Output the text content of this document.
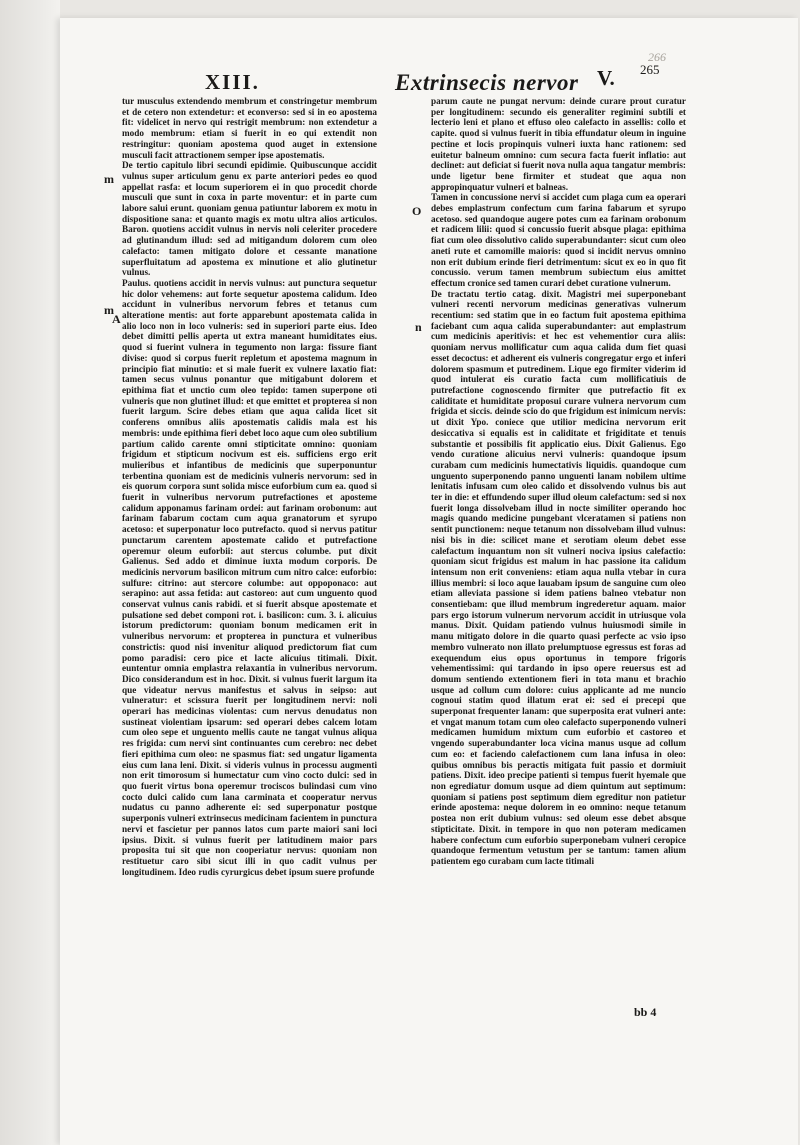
XIII.	Extrinsecis nervor V.
266
265

tur musculus extendendo membrum et constringetur membrum et de cetero non extendetur: et econverso: sed si in eo apostema fit: videlicet in nervo qui restrigit membrum: non extendetur a modo membrum: etiam si fuerit in eo qui extendit non restringitur: quoniam apostema quod auget in extensione musculi facit attractionem semper ipse apostematis.

De tertio capitulo libri secundi epidimie. Quibuscunque accidit vulnus super articulum genu ex parte anteriori pedes eo quod appellat rasfa: et locum superiorem ei in quo procedit chorde musculi que sunt in coxa in parte moventur: et in parte cum labore salui erunt. quoniam genua patiuntur laborem ex motu in dispositione sana: et quanto magis ex motu ultra alios articulos. Baron. quotiens accidit vulnus in nervis noli celeriter procedere ad glutinandum illud: sed ad mitigandum dolorem cum oleo calefacto: tamen mitigato dolore et cessante manatione superfluitatum ad apostema ex minutione et alio glutinetur vulnus.

Paulus. quotiens accidit in nervis vulnus: aut punctura sequetur hic dolor vehemens: aut forte sequetur apostema calidum. Ideo accidunt in vulneribus nervorum febres et tetanus cum alteratione mentis: aut forte apparebunt apostemata calida in alio loco non in loco vulneris: sed in superiori parte eius. Ideo debet dimitti pellis aperta ut extra maneant humiditates eius. quod si fuerint vulnera in tegumento non larga: fissure fiant divise: quod si corpus fuerit repletum et apostema magnum in principio fiat minutio: et si male fuerit ex vulnere laxatio fiat: tamen secus vulnus ponantur que mitigabunt dolorem et epithima fiat et unctio cum oleo tepido: tamen superpone oti vulneris que non glutinet illud: et que emittet et propterea si non fuerit largum. Scire debes etiam que aqua calida licet sit conferens omnibus aliis apostematis calidis mala est his membris: unde epithima fieri debet loco aque cum oleo subtilium partium calido carente omni stipticitate omnino: quoniam frigidum et stipticum nocivum est eis. sufficiens ergo erit mulieribus et infantibus de medicinis que superponuntur terbentina quoniam est de medicinis vulneris nervorum: sed in eis quorum corpora sunt solida misce euforbium cum ea. quod si fuerit in vulneribus nervorum putrefactiones et aposteme calidum apponamus farinam ordei: aut farinam orobonum: aut farinam fabarum coctam cum aqua granatorum et syrupo acetoso: et superponatur loco putrefacto. quod si nervus patitur punctarum carentem apostemate calido et putrefactione operemur oleum euforbii: aut stercus columbe. put dixit Galienus. Sed addo et diminue iuxta modum corporis. De medicinis nervorum basilicon mitrum cum nitro calce: euforbio: sulfure: citrino: aut stercore columbe: aut oppoponaco: aut serapino: aut assa fetida: aut castoreo: aut cum unguento quod conservat vulnus canis rabidi. et si fuerit absque apostemate et pulsatione sed debet componi rot. i. basilicon: cum. 3. i. alicuius istorum predictorum: quoniam bonum medicamen erit in vulneribus nervorum: et propterea in punctura et vulneribus constrictis: quod nisi invenitur aliquod predictorum fiat cum pomo paradisi: cero pice et lacte alicuius titimali. Dixit. euntentur omnia emplastra relaxantia in vulneribus nervorum. Dico considerandum est in hoc. Dixit. si vulnus fuerit largum ita que videatur nervus manifestus et salvus in seipso: aut vulneratur: et scissura fuerit per longitudinem nervi: noli operari has medicinas violentas: cum nervus denudatus non sustineat violentiam ipsarum: sed operari debes calcem lotam cum oleo sepe et unguento mellis caute ne tangat vulnus aliqua res frigida: cum nervi sint continuantes cum cerebro: nec debet fieri epithima cum oleo: ne spasmus fiat: sed ungatur ligamenta eius cum lana leni. Dixit. si videris vulnus in processu augmenti non erit timorosum si humectatur cum vino cocto dulci: sed in quo fuerit virtus bona operemur trociscos bulindasi cum vino cocto dulci calido cum lana carminata et cooperatur nervus nudatus cu panno adherente ei: sed superponatur postque superponis vulneri extrinsecus medicinam facientem in punctura nervi et fascietur per pannos latos cum parte maiori sani loci ipsius. Dixit. si vulnus fuerit per latitudinem maior pars proposita tui sit que non cooperiatur nervus: quoniam non restituetur caro sibi sicut illi in quo cadit vulnus per longitudinem. Ideo rudis cyrurgicus debet ipsum suere profunde

parum caute ne pungat nervum: deinde curare prout curatur per longitudinem: secundo eis generaliter regimini subtili et lecterio leni et plano et effuso oleo calefacto in assellis: collo et capite. quod si vulnus fuerit in tibia effundatur oleum in inguine pectine et locis propinquis vulneri iuxta hanc rationem: sed euitetur balneum omnino: cum secura facta fuerit inflatio: aut declinet: aut deficiat si fuerit nova nulla aqua tangatur membris: unde ligetur bene firmiter et studeat que aqua non appropinquatur vulneri et balneas.

Tamen in concussione nervi si accidet cum plaga cum ea operari debes emplastrum confectum cum farina fabarum et syrupo acetoso. sed quandoque augere potes cum ea farinam orobonum et radicem lilii: quod si concussio fuerit absque plaga: epithima fiat cum oleo dissolutivo calido superabundanter: sicut cum oleo aneti rute et camomille maioris: quod si incidit nervus omnino non erit dubium erinde fieri detrimentum: sicut ex eo in quo fit concussio. verum tamen membrum subiectum eius amittet effectum cronice sed tamen curari debet curatione vulnerum.

De tractatu tertio catag. dixit. Magistri mei superponebant vulneri recenti nervorum medicinas generativas vulnerum recentium: sed statim que in eo factum fuit apostema epithima faciebant cum aqua calida superabundanter: aut emplastrum cum medicinis aperitivis: et hec est vehementior cura aliis: quoniam nervus mollificatur cum aqua calida dum fiet quasi esset decoctus: et adherent eis vulneris congregatur ergo et inferi dolorem spasmum et putredinem. Lique ego firmiter viderim id quod intulerat eis curatio facta cum mollificatiuis de putrefactione cognoscendo firmiter que putrefactio fit ex caliditate et humiditate proposui curare vulnera nervorum cum frigida et siccis. deinde scio do que frigidum est inimicum nervis: ut dixit Ypo. coniece que utilior medicina nervorum erit desiccativa si equalis est in caliditate et frigiditate et tenuis substantie et possibilis fit applicatio eius. Dixit Galienus. Ego vendo curatione alicuius nervi vulneris: quandoque ipsum curabam cum medicinis humectativis liquidis. quandoque cum unguento superponendo panno unguenti lanam nobilem ultime lenitatis infusam cum oleo calido et dissolvendo vulnus bis aut ter in die: et effundendo super illud oleum calefactum: sed si nox fuerit longa dissolvebam illud in nocte similiter operando hoc magis quando medicine pungebant vlceratamen si patiens non sentit punctionem: neque tetanum non dissolvebam illud vulnus: nisi bis in die: scilicet mane et serotiam oleum debet esse calefactum inquantum non sit vulneri nociva ipsius calefactio: quoniam sicut frigidus est malum in hac passione ita calidum intensum non erit conveniens: etiam aqua nulla vtebar in cura illius membri: si loco aque lauabam ipsum de sanguine cum oleo etiam alleviata passione si idem patiens balneo vtebatur non consentiebam: que illud membrum ingrederetur aquam. maior pars ergo istorum vulnerum nervorum accidit in utriusque vola manus. Dixit. Quidam patiendo vulnus huiusmodi simile in manu mitigato dolore in die quarto quasi perfecte ac vsio ipso membro vulnerato non illato prelumptuose egressus est foras ad exequendum eius opus oportunus in tempore frigoris vehementissimi: qui tardando in ipso opere reuersus est ad domum sentiendo extentionem fieri in tota manu et brachio usque ad collum cum dolore: cuius applicante ad me nuncio cognoui statim quod illatum erat ei: sed ei precepi que superponat frequenter lanam: que superposita erat vulneri ante: et vngat manum totam cum oleo calefacto superponendo vulneri medicamen humidum mixtum cum euforbio et castoreo et vngendo superabundanter loca vicina manus usque ad collum cum eo: et faciendo calefactionem cum lana infusa in oleo: quibus omnibus bis peractis mitigata fuit passio et dormiuit patiens. Dixit. ideo precipe patienti si tempus fuerit hyemale que non egrediatur domum usque ad diem quintum aut septimum: quoniam si patiens post septimum diem egreditur non patietur erinde apostema: neque dolorem in eo omnino: neque tetanum postea non erit dubium vulnus: sed oleum esse debet absque stipticitate. Dixit. in tempore in quo non poteram medicamen habere confectum cum euforbio superponebam vulneri ceropice quandoque fermentum vetustum per se tantum: tamen alium patientem ego curabam cum lacte titimali

m
m
A
O
n
bb 4
